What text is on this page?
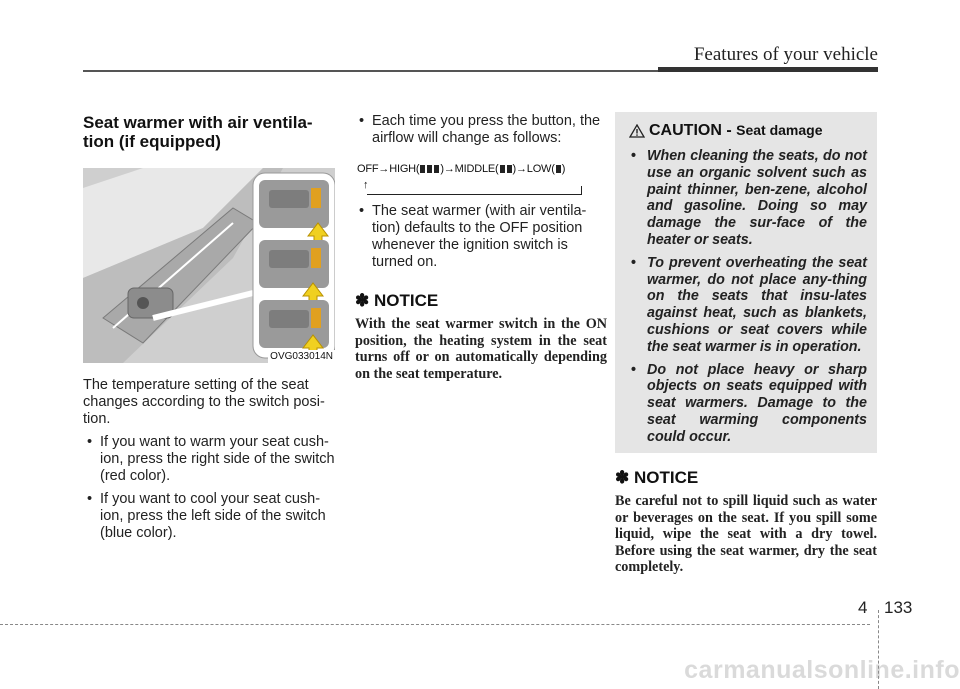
Features of your vehicle
Seat warmer with air ventila-
tion (if equipped)
OVG033014N
The temperature setting of the seat changes according to the switch posi-tion.
• If you want to warm your seat cush-ion, press the right side of the switch (red color).
• If you want to cool your seat cush-ion, press the left side of the switch (blue color).
• Each time you press the button, the airflow will change as follows:
OFF→HIGH( )→MIDDLE( )→LOW( )
↑
• The seat warmer (with air ventila-tion) defaults to the OFF position whenever the ignition switch is turned on.
✽ NOTICE
With the seat warmer switch in the ON position, the heating system in the seat turns off or on automatically depending on the seat temperature.
CAUTION - Seat damage
• When cleaning the seats, do not use an organic solvent such as paint thinner, ben-zene, alcohol and gasoline. Doing so may damage the sur-face of the heater or seats.
• To prevent overheating the seat warmer, do not place any-thing on the seats that insu-lates against heat, such as blankets, cushions or seat covers while the seat warmer is in operation.
• Do not place heavy or sharp objects on seats equipped with seat warmers. Damage to the seat warming components could occur.
✽ NOTICE
Be careful not to spill liquid such as water or beverages on the seat. If you spill some liquid, wipe the seat with a dry towel. Before using the seat warmer, dry the seat completely.
4 133
carmanualsonline.info
